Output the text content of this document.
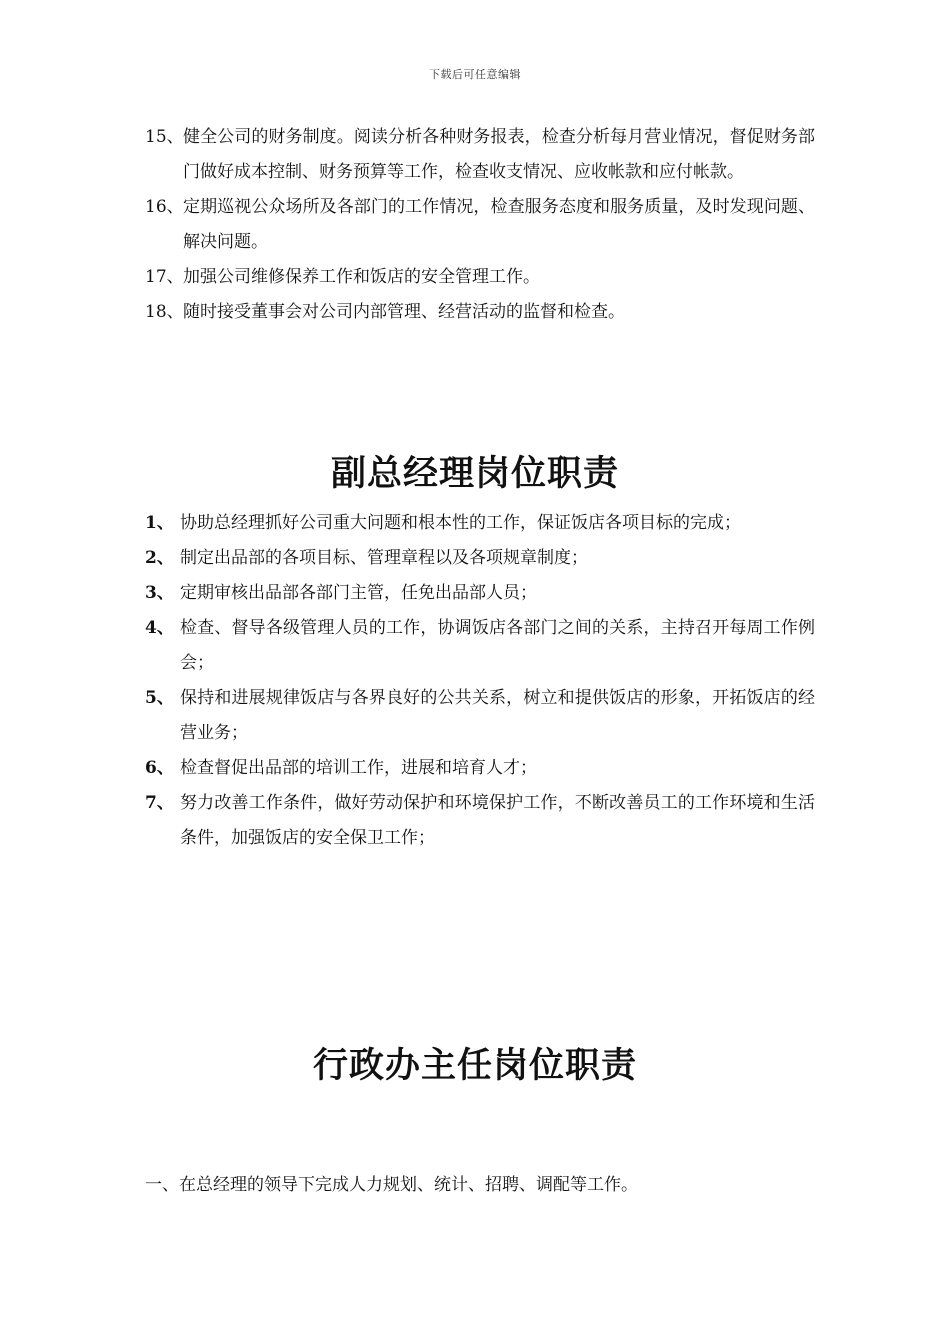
下载后可任意编辑
15、 健全公司的财务制度。阅读分析各种财务报表，检查分析每月营业情况，督促财务部门做好成本控制、财务预算等工作，检查收支情况、应收帐款和应付帐款。
16、 定期巡视公众场所及各部门的工作情况，检查服务态度和服务质量，及时发现问题、解决问题。
17、 加强公司维修保养工作和饭店的安全管理工作。
18、 随时接受董事会对公司内部管理、经营活动的监督和检查。
副总经理岗位职责
1、 协助总经理抓好公司重大问题和根本性的工作，保证饭店各项目标的完成；
2、 制定出品部的各项目标、管理章程以及各项规章制度；
3、 定期审核出品部各部门主管，任免出品部人员；
4、 检查、督导各级管理人员的工作，协调饭店各部门之间的关系，主持召开每周工作例会；
5、 保持和进展规律饭店与各界良好的公共关系，树立和提供饭店的形象，开拓饭店的经营业务；
6、 检查督促出品部的培训工作，进展和培育人才；
7、 努力改善工作条件，做好劳动保护和环境保护工作，不断改善员工的工作环境和生活条件，加强饭店的安全保卫工作；
行政办主任岗位职责
一、在总经理的领导下完成人力规划、统计、招聘、调配等工作。
